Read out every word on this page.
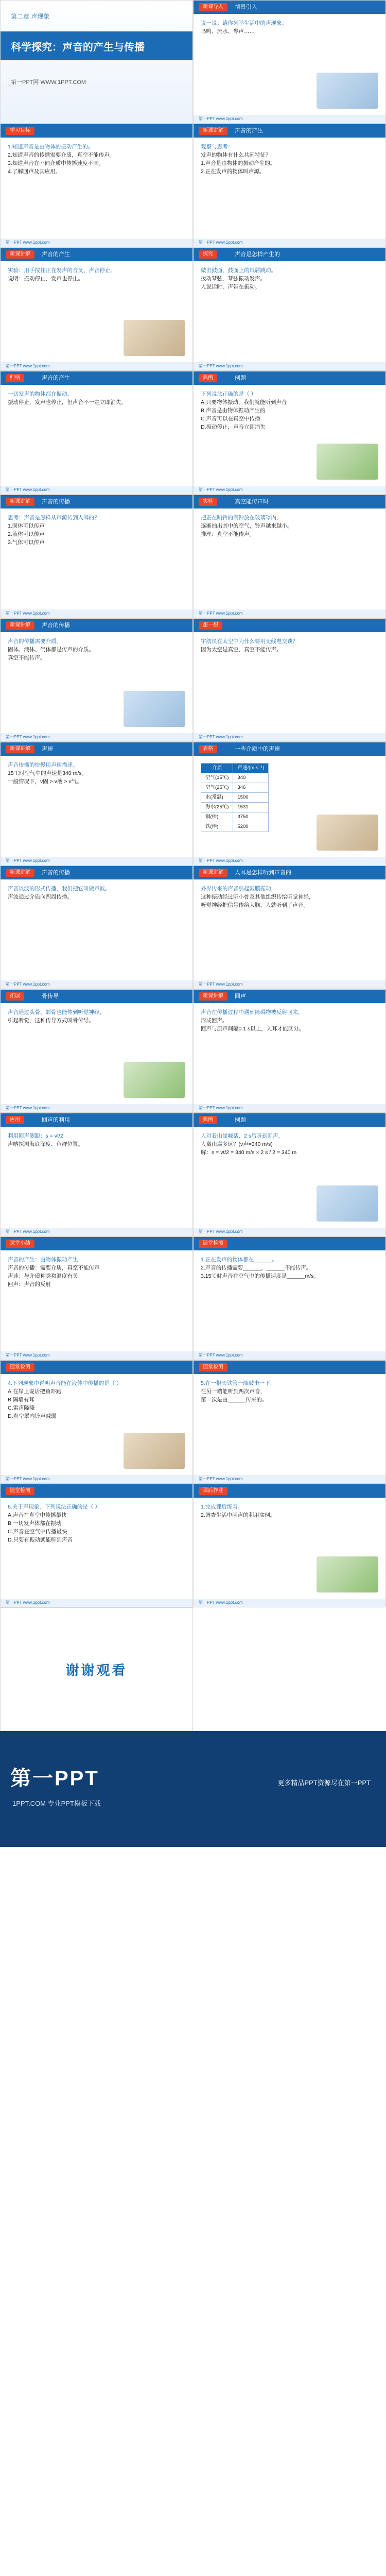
第二章 声现象
科学探究：声音的产生与传播
第一PPT网 WWW.1PPT.COM
新课导入	情景引入

说一说：请你列举生活中的声现象。

鸟鸣、流水、琴声……

第一PPT www.1ppt.com
学习目标

1.知道声音是由物体的振动产生的。

2.知道声音的传播需要介质，真空不能传声。

3.知道声音在不同介质中传播速度不同。

4.了解回声及其应用。

第一PPT www.1ppt.com
新课讲解	声音的产生

观察与思考：

发声的物体有什么共同特征？

1.声音是由物体的振动产生的。

2.正在发声的物体叫声源。

第一PPT www.1ppt.com
新课讲解	声音的产生

实验：用手按住正在发声的音叉，声音停止。

说明：振动停止，发声也停止。

第一PPT www.1ppt.com
探究	声音是怎样产生的

敲击鼓面，鼓面上的纸屑跳动。

拨动琴弦，琴弦振动发声。

人说话时，声带在振动。

第一PPT www.1ppt.com
归纳	声音的产生

一切发声的物体都在振动。

振动停止，发声也停止，但声音不一定立即消失。

第一PPT www.1ppt.com
典例	例题

下列说法正确的是（ ）

A.只要物体振动，我们就能听到声音

B.声音是由物体振动产生的

C.声音可以在真空中传播

D.振动停止，声音立即消失

第一PPT www.1ppt.com
新课讲解	声音的传播

思考：声音是怎样从声源传到人耳的？

1.固体可以传声

2.液体可以传声

3.气体可以传声

第一PPT www.1ppt.com
实验	真空能传声吗

把正在响铃的闹钟放在玻璃罩内，

逐渐抽出其中的空气，铃声越来越小。

推理：真空不能传声。

第一PPT www.1ppt.com
新课讲解	声音的传播

声音的传播需要介质。

固体、液体、气体都是传声的介质。

真空不能传声。

第一PPT www.1ppt.com
想一想

宇航员在太空中为什么要用无线电交谈？

因为太空是真空，真空不能传声。

第一PPT www.1ppt.com
新课讲解	声速

声音传播的快慢用声速描述。

15℃时空气中的声速是340 m/s。

一般情况下，v固 > v液 > v气。

第一PPT www.1ppt.com
表格	一些介质中的声速
介质	声速/(m·s⁻¹)
空气(15℃)	340
空气(25℃)	346
水(常温)	1500
海水(25℃)	1531
铜(棒)	3750
铁(棒)	5200
第一PPT www.1ppt.com
新课讲解	声音的传播

声音以波的形式传播，我们把它叫做声波。

声波通过介质向四周传播。

第一PPT www.1ppt.com
新课讲解	人耳是怎样听到声音的

外界传来的声音引起鼓膜振动，

这种振动经过听小骨及其他组织传给听觉神经，

听觉神经把信号传给大脑，人就听到了声音。

第一PPT www.1ppt.com
拓展	骨传导

声音通过头骨、颌骨也能传到听觉神经，

引起听觉，这种传导方式叫骨传导。

第一PPT www.1ppt.com
新课讲解	回声

声音在传播过程中遇到障碍物被反射回来，

形成回声。

回声与原声间隔0.1 s以上，人耳才能区分。

第一PPT www.1ppt.com
应用	回声的利用

利用回声测距：s = vt/2

声呐探测海底深度、鱼群位置。

第一PPT www.1ppt.com
典例	例题

人对着山崖喊话，2 s后听到回声，

人离山崖多远？(v声=340 m/s)

解：s = vt/2 = 340 m/s × 2 s / 2 = 340 m

第一PPT www.1ppt.com
课堂小结

声音的产生：由物体振动产生

声音的传播：需要介质，真空不能传声

声速：与介质种类和温度有关

回声：声音的反射

第一PPT www.1ppt.com
随堂检测

1.正在发声的物体都在______。

2.声音的传播需要______，______不能传声。

3.15℃时声音在空气中的传播速度是______m/s。

第一PPT www.1ppt.com
随堂检测

4.下列现象中说明声音能在液体中传播的是（ ）

A.在岸上说话把鱼吓跑

B.隔墙有耳

C.雷声隆隆

D.真空罩内铃声减弱

第一PPT www.1ppt.com
随堂检测

5.在一根长铁管一端敲击一下，

在另一端能听到两次声音，

第一次是由______传来的。

第一PPT www.1ppt.com
随堂检测

6.关于声现象，下列说法正确的是（ ）

A.声音在真空中传播最快

B.一切发声体都在振动

C.声音在空气中传播最快

D.只要有振动就能听到声音

第一PPT www.1ppt.com
课后作业

1.完成课后练习。

2.调查生活中回声的利用实例。

第一PPT www.1ppt.com
谢谢观看
第一PPT
1PPT.COM 专业PPT模板下载
更多精品PPT资源尽在第一PPT
